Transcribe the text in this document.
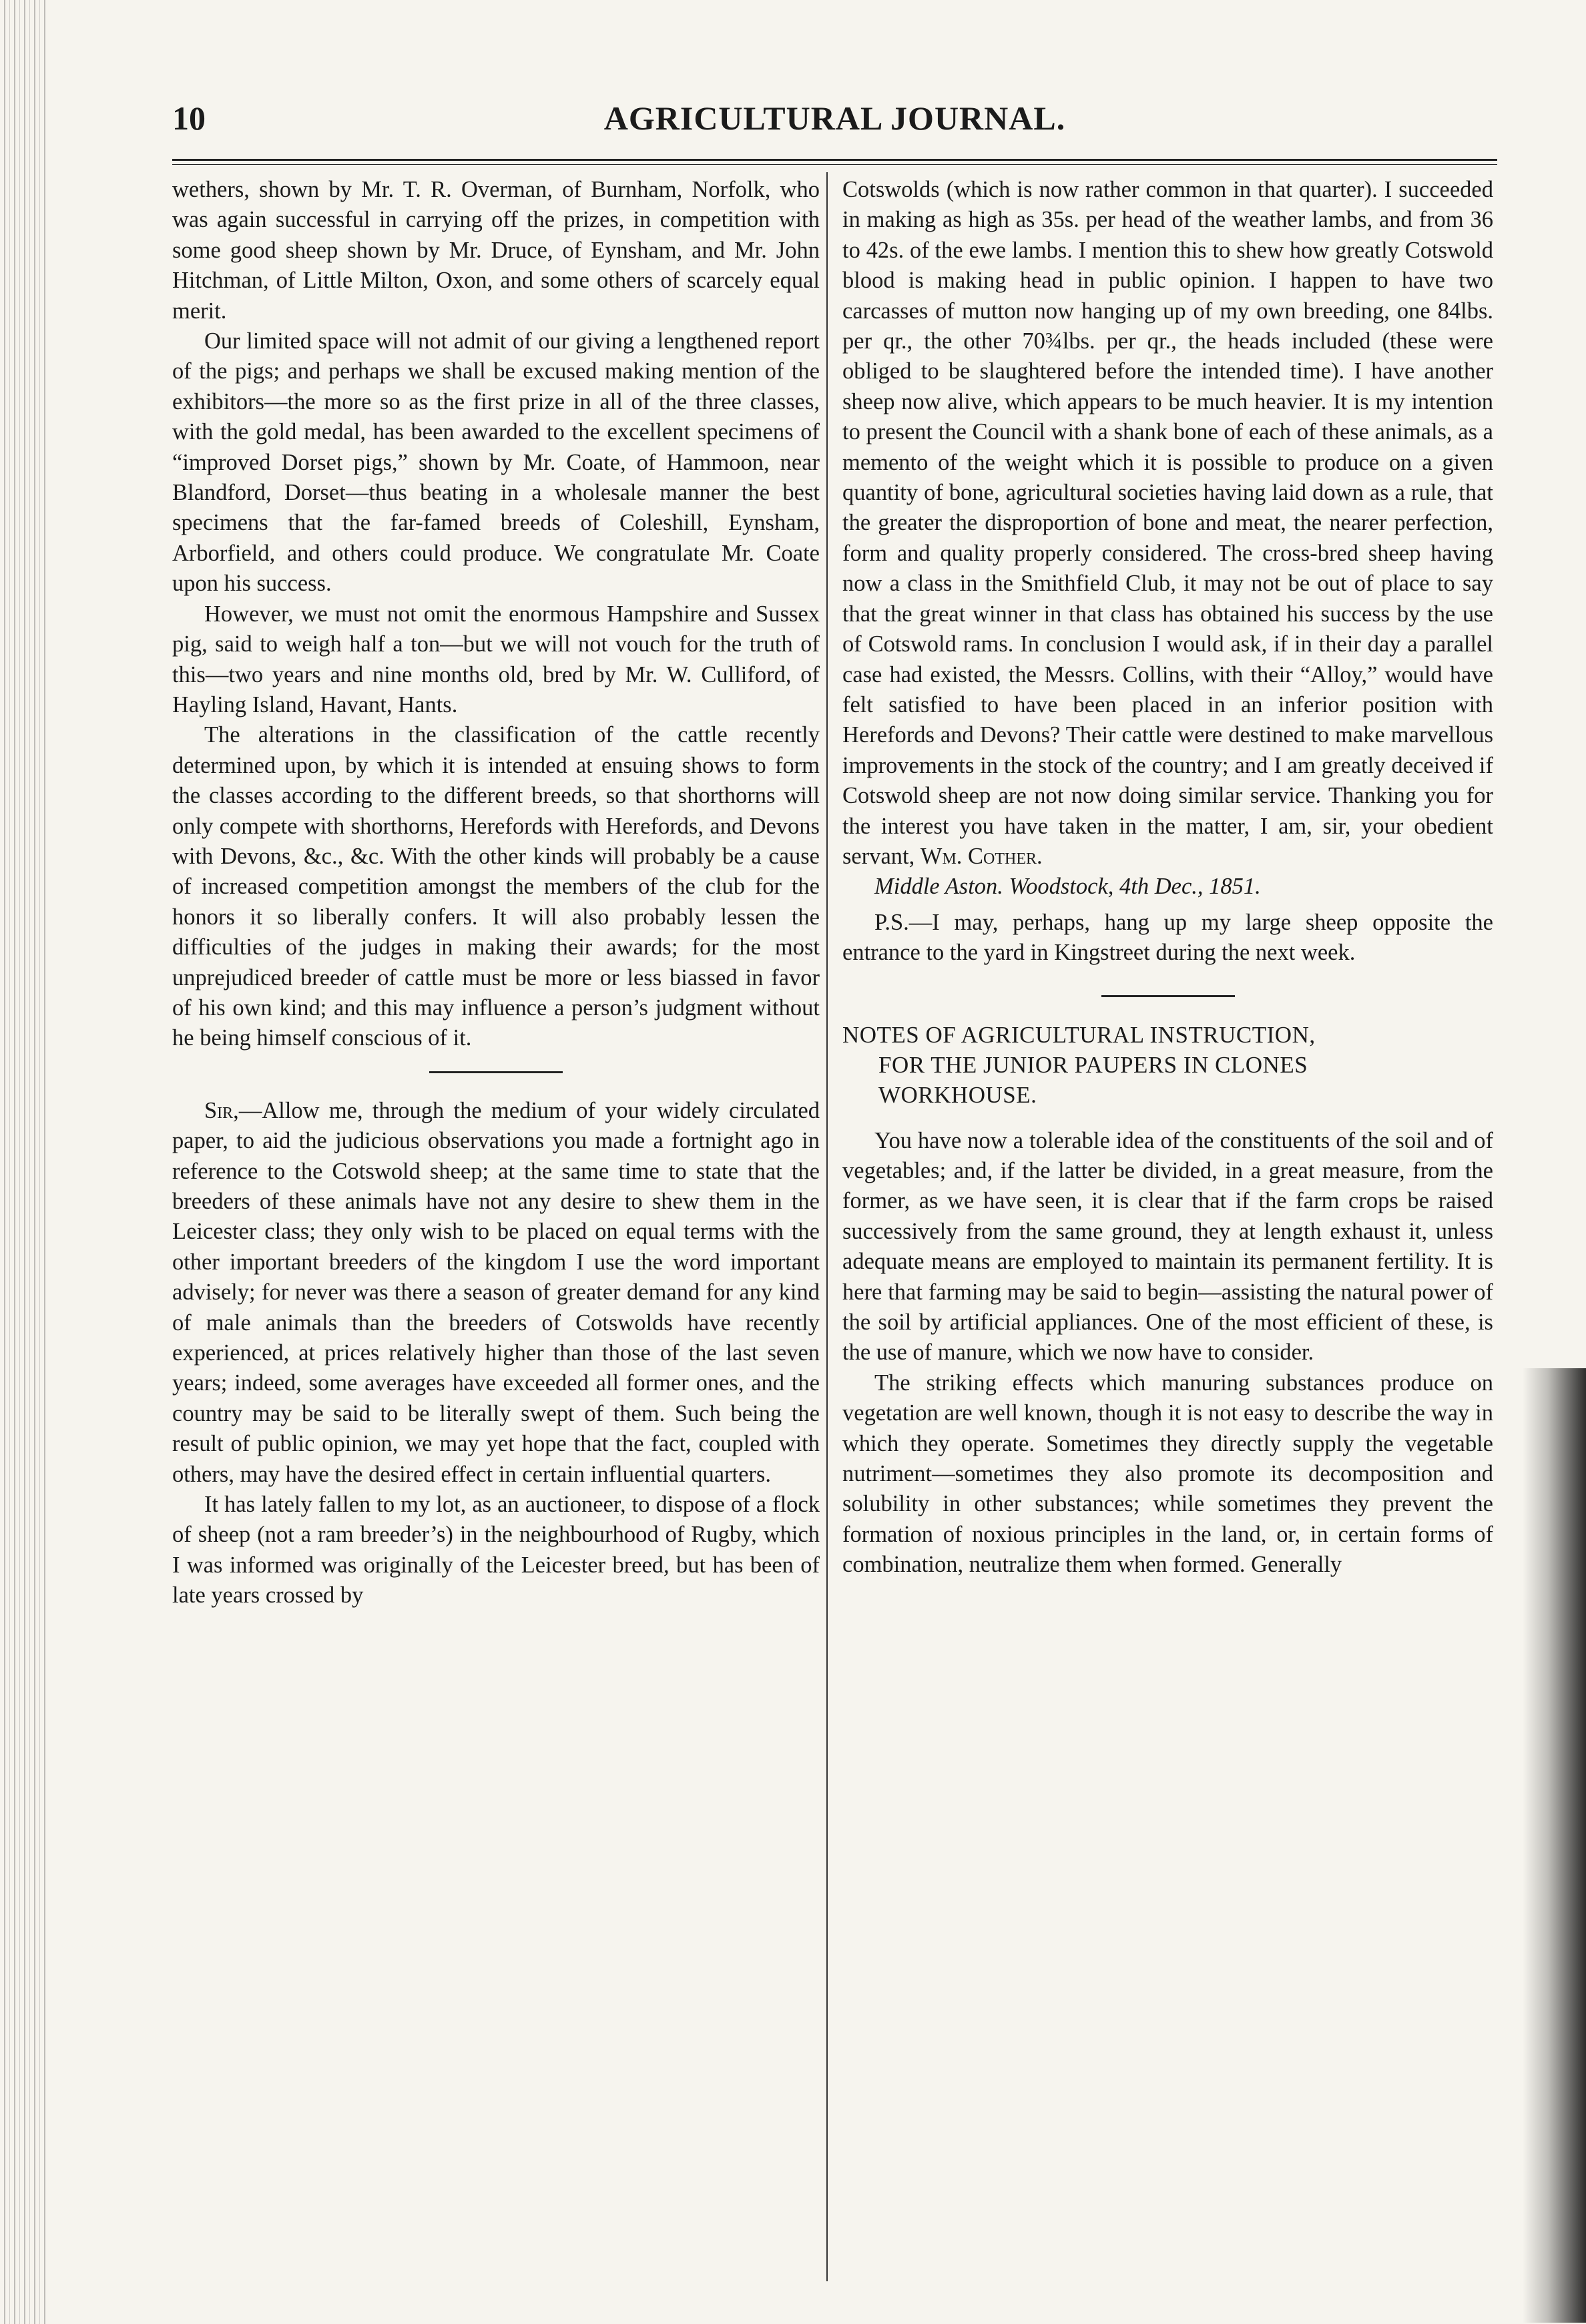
10	AGRICULTURAL JOURNAL.

wethers, shown by Mr. T. R. Overman, of Burnham, Norfolk, who was again successful in carrying off the prizes, in competition with some good sheep shown by Mr. Druce, of Eynsham, and Mr. John Hitchman, of Little Milton, Oxon, and some others of scarcely equal merit.

Our limited space will not admit of our giving a lengthened report of the pigs; and perhaps we shall be excused making mention of the exhibitors—the more so as the first prize in all of the three classes, with the gold medal, has been awarded to the excellent specimens of “improved Dorset pigs,” shown by Mr. Coate, of Hammoon, near Blandford, Dorset—thus beating in a wholesale manner the best specimens that the far-famed breeds of Coleshill, Eynsham, Arborfield, and others could produce. We congratulate Mr. Coate upon his success.

However, we must not omit the enormous Hampshire and Sussex pig, said to weigh half a ton—but we will not vouch for the truth of this—two years and nine months old, bred by Mr. W. Culliford, of Hayling Island, Havant, Hants.

The alterations in the classification of the cattle recently determined upon, by which it is intended at ensuing shows to form the classes according to the different breeds, so that shorthorns will only compete with shorthorns, Herefords with Herefords, and Devons with Devons, &c., &c. With the other kinds will probably be a cause of increased competition amongst the members of the club for the honors it so liberally confers. It will also probably lessen the difficulties of the judges in making their awards; for the most unprejudiced breeder of cattle must be more or less biassed in favor of his own kind; and this may influence a person’s judgment without he being himself conscious of it.

Sir,—Allow me, through the medium of your widely circulated paper, to aid the judicious observations you made a fortnight ago in reference to the Cotswold sheep; at the same time to state that the breeders of these animals have not any desire to shew them in the Leicester class; they only wish to be placed on equal terms with the other important breeders of the kingdom I use the word important advisely; for never was there a season of greater demand for any kind of male animals than the breeders of Cotswolds have recently experienced, at prices relatively higher than those of the last seven years; indeed, some averages have exceeded all former ones, and the country may be said to be literally swept of them. Such being the result of public opinion, we may yet hope that the fact, coupled with others, may have the desired effect in certain influential quarters.

It has lately fallen to my lot, as an auctioneer, to dispose of a flock of sheep (not a ram breeder’s) in the neighbourhood of Rugby, which I was informed was originally of the Leicester breed, but has been of late years crossed by

Cotswolds (which is now rather common in that quarter). I succeeded in making as high as 35s. per head of the weather lambs, and from 36 to 42s. of the ewe lambs. I mention this to shew how greatly Cotswold blood is making head in public opinion. I happen to have two carcasses of mutton now hanging up of my own breeding, one 84lbs. per qr., the other 70¾lbs. per qr., the heads included (these were obliged to be slaughtered before the intended time). I have another sheep now alive, which appears to be much heavier. It is my intention to present the Council with a shank bone of each of these animals, as a memento of the weight which it is possible to produce on a given quantity of bone, agricultural societies having laid down as a rule, that the greater the disproportion of bone and meat, the nearer perfection, form and quality properly considered. The cross-bred sheep having now a class in the Smithfield Club, it may not be out of place to say that the great winner in that class has obtained his success by the use of Cotswold rams. In conclusion I would ask, if in their day a parallel case had existed, the Messrs. Collins, with their “Alloy,” would have felt satisfied to have been placed in an inferior position with Herefords and Devons? Their cattle were destined to make marvellous improvements in the stock of the country; and I am greatly deceived if Cotswold sheep are not now doing similar service. Thanking you for the interest you have taken in the matter, I am, sir, your obedient servant, Wm. Cother.

Middle Aston. Woodstock, 4th Dec., 1851.

P.S.—I may, perhaps, hang up my large sheep opposite the entrance to the yard in Kingstreet during the next week.

NOTES OF AGRICULTURAL INSTRUCTION,
FOR THE JUNIOR PAUPERS IN CLONES
WORKHOUSE.

You have now a tolerable idea of the constituents of the soil and of vegetables; and, if the latter be divided, in a great measure, from the former, as we have seen, it is clear that if the farm crops be raised successively from the same ground, they at length exhaust it, unless adequate means are employed to maintain its permanent fertility. It is here that farming may be said to begin—assisting the natural power of the soil by artificial appliances. One of the most efficient of these, is the use of manure, which we now have to consider.

The striking effects which manuring substances produce on vegetation are well known, though it is not easy to describe the way in which they operate. Sometimes they directly supply the vegetable nutriment—sometimes they also promote its decomposition and solubility in other substances; while sometimes they prevent the formation of noxious principles in the land, or, in certain forms of combination, neutralize them when formed. Generally
